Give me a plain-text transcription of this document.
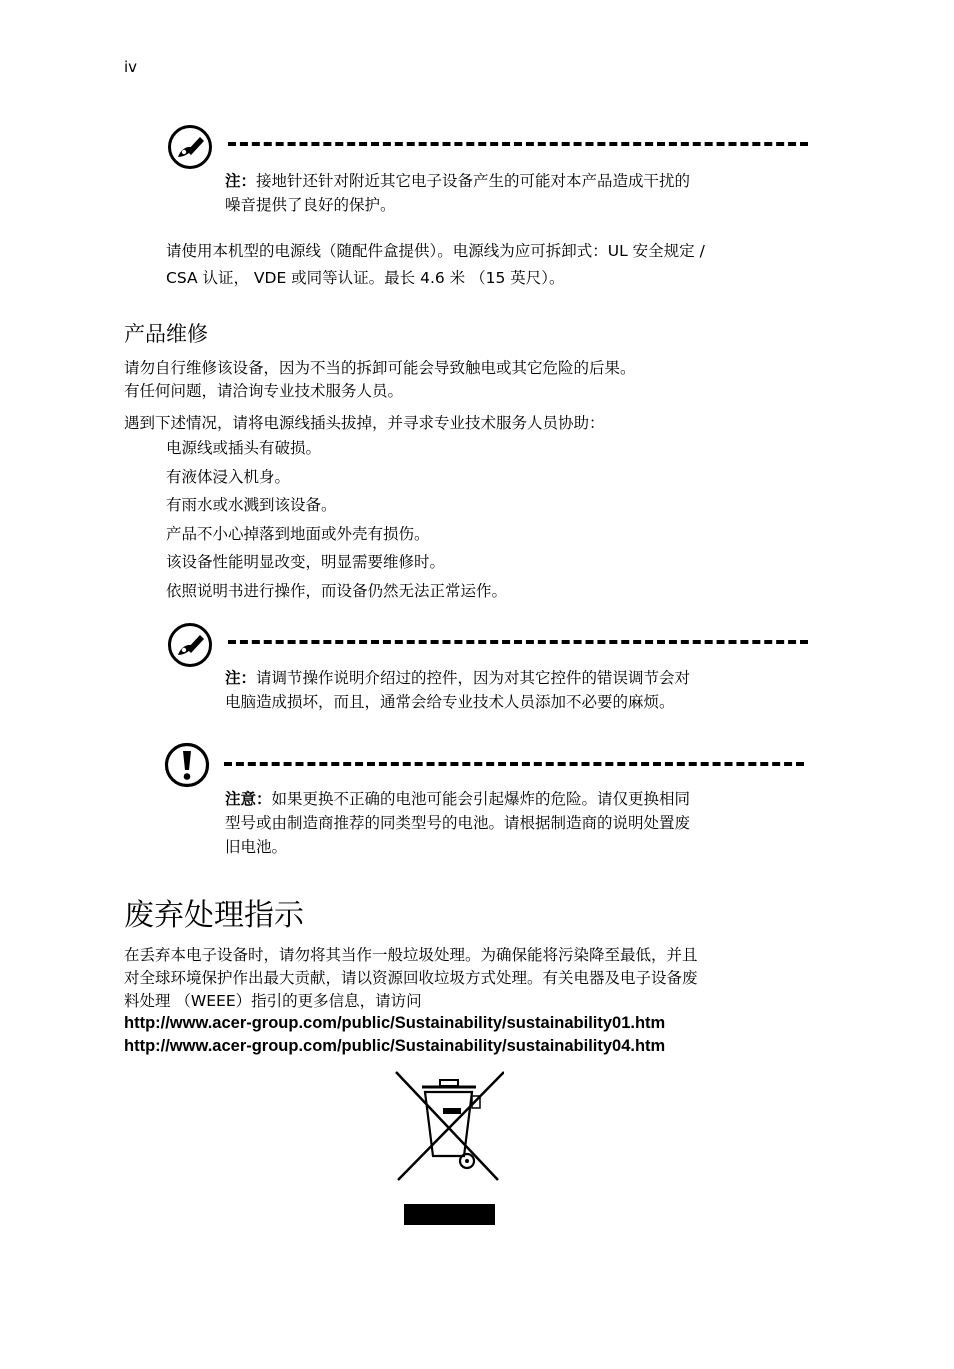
iv
注：接地针还针对附近其它电子设备产生的可能对本产品造成干扰的
噪音提供了良好的保护。
请使用本机型的电源线（随配件盒提供）。电源线为应可拆卸式：UL 安全规定 /
CSA 认证， VDE 或同等认证。最长 4.6 米 （15 英尺）。
产品维修
请勿自行维修该设备，因为不当的拆卸可能会导致触电或其它危险的后果。
有任何问题，请洽询专业技术服务人员。
遇到下述情况，请将电源线插头拔掉，并寻求专业技术服务人员协助：
电源线或插头有破损。
有液体浸入机身。
有雨水或水溅到该设备。
产品不小心掉落到地面或外壳有损伤。
该设备性能明显改变，明显需要维修时。
依照说明书进行操作，而设备仍然无法正常运作。
注：请调节操作说明介绍过的控件，因为对其它控件的错误调节会对
电脑造成损坏，而且，通常会给专业技术人员添加不必要的麻烦。
注意：如果更换不正确的电池可能会引起爆炸的危险。请仅更换相同
型号或由制造商推荐的同类型号的电池。请根据制造商的说明处置废
旧电池。
废弃处理指示
在丢弃本电子设备时，请勿将其当作一般垃圾处理。为确保能将污染降至最低，并且
对全球环境保护作出最大贡献，请以资源回收垃圾方式处理。有关电器及电子设备废
料处理 （WEEE）指引的更多信息，请访问
http://www.acer-group.com/public/Sustainability/sustainability01.htm
http://www.acer-group.com/public/Sustainability/sustainability04.htm
